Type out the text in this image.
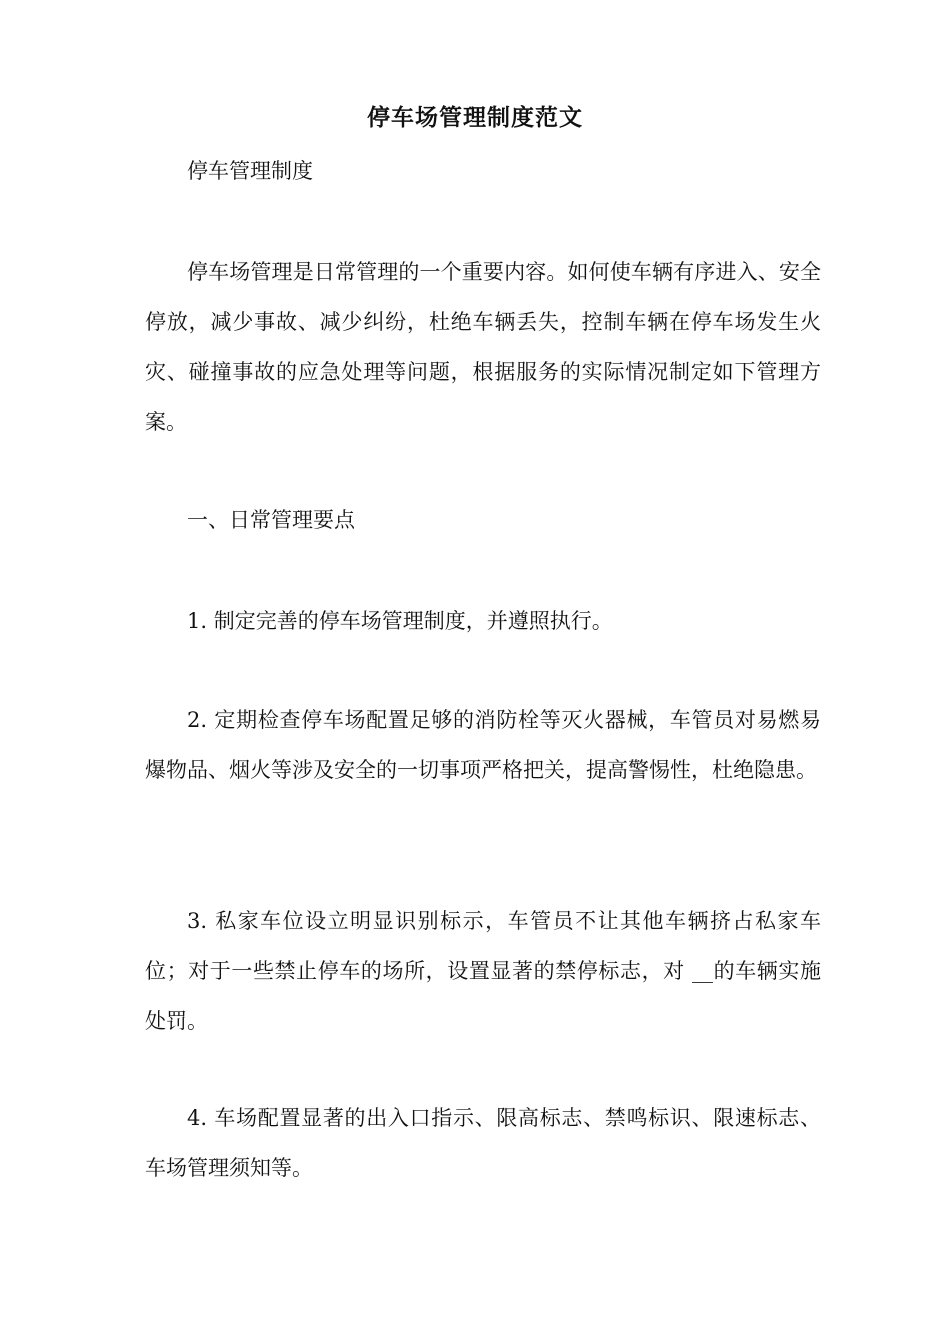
停车场管理制度范文

停车管理制度

停车场管理是日常管理的一个重要内容。如何使车辆有序进入、安全停放，减少事故、减少纠纷，杜绝车辆丢失，控制车辆在停车场发生火灾、碰撞事故的应急处理等问题，根据服务的实际情况制定如下管理方案。

一、日常管理要点

1. 制定完善的停车场管理制度，并遵照执行。

2. 定期检查停车场配置足够的消防栓等灭火器械，车管员对易燃易爆物品、烟火等涉及安全的一切事项严格把关，提高警惕性，杜绝隐患。

3. 私家车位设立明显识别标示，车管员不让其他车辆挤占私家车位；对于一些禁止停车的场所，设置显著的禁停标志，对 __的车辆实施处罚。

4. 车场配置显著的出入口指示、限高标志、禁鸣标识、限速标志、车场管理须知等。
